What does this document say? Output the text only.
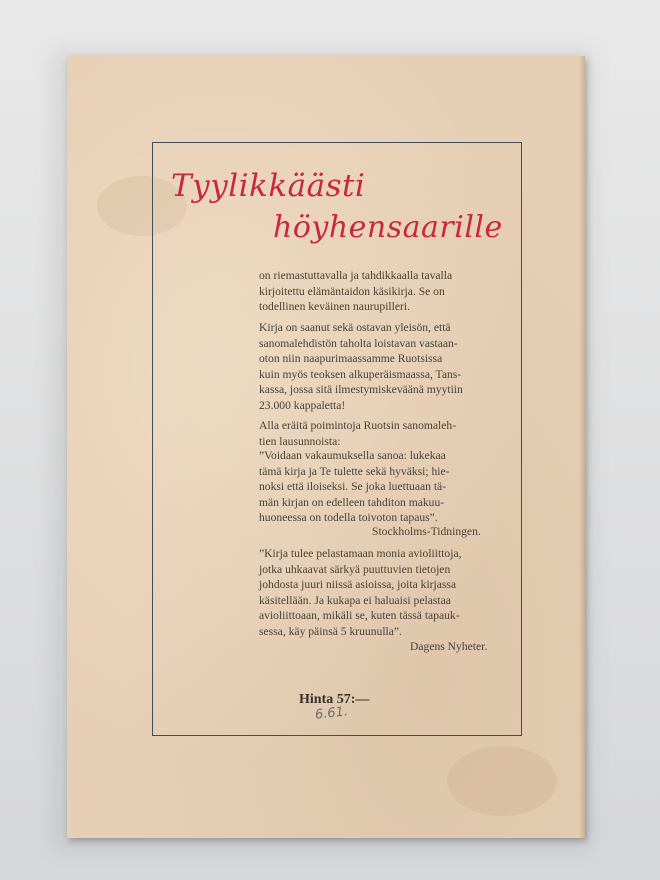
Tyylikkäästi
höyhensaarille
on riemastuttavalla ja tahdikkaalla tavalla
kirjoitettu elämäntaidon käsikirja. Se on
todellinen keväinen naurupilleri.
Kirja on saanut sekä ostavan yleisön, että
sanomalehdistön taholta loistavan vastaan-
oton niin naapurimaassamme Ruotsissa
kuin myös teoksen alkuperäismaassa, Tans-
kassa, jossa sitä ilmestymiskeväänä myytiin
23.000 kappaletta!
Alla eräitä poimintoja Ruotsin sanomaleh-
tien lausunnoista:
”Voidaan vakaumuksella sanoa: lukekaa
tämä kirja ja Te tulette sekä hyväksi; hie-
noksi että iloiseksi. Se joka luettuaan tä-
män kirjan on edelleen tahditon makuu-
huoneessa on todella toivoton tapaus”.
Stockholms-Tidningen.
”Kirja tulee pelastamaan monia avioliittoja,
jotka uhkaavat särkyä puuttuvien tietojen
johdosta juuri niissä asioissa, joita kirjassa
käsitellään. Ja kukapa ei haluaisi pelastaa
avioliittoaan, mikäli se, kuten tässä tapauk-
sessa, käy päinsä 5 kruunulla”.
Dagens Nyheter.
Hinta 57:—
6.61.
